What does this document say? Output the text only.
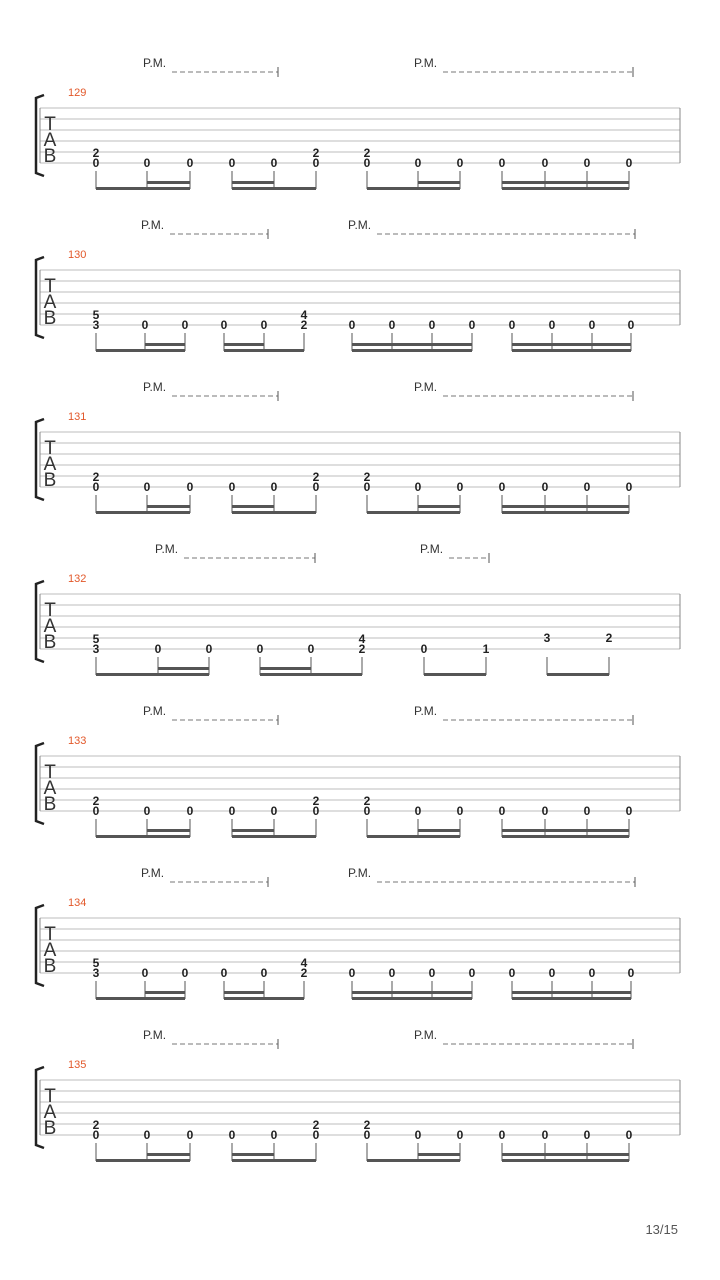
T
A
B
129
P.M.	P.M.
2
0	0	0	0	0
2
0
2
0	0	0	0	0	0	0
T
A
B
130
P.M.	P.M.
5
3	0	0	0	0
4
2	0	0	0	0	0	0	0	0
T
A
B
131
P.M.	P.M.
2
0	0	0	0	0
2
0
2
0	0	0	0	0	0	0
T
A
B
132
P.M.	P.M.
5
3	0	0	0	0
4
2	0	1
3	2
T
A
B
133
P.M.	P.M.
2
0	0	0	0	0
2
0
2
0	0	0	0	0	0	0
T
A
B
134
P.M.	P.M.
5
3	0	0	0	0
4
2	0	0	0	0	0	0	0	0
T
A
B
135
P.M.	P.M.
2
0	0	0	0	0
2
0
2
0	0	0	0	0	0	0
13/15
